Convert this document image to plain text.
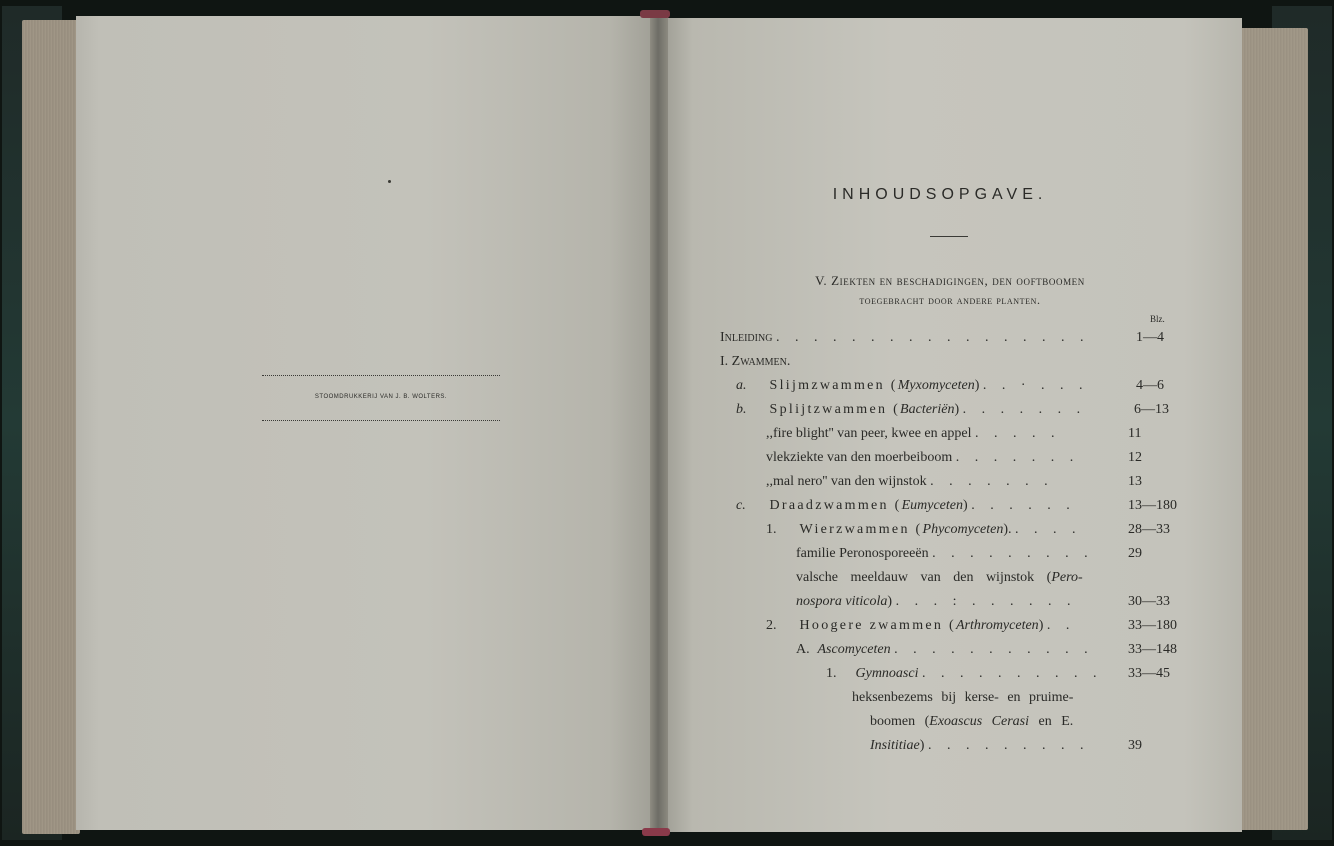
STOOMDRUKKERIJ VAN J. B. WOLTERS.
INHOUDSOPGAVE.
V. Ziekten en beschadigingen, den ooftboomen
toegebracht door andere planten.
Blz.
Inleiding . . . . . . . . . . . . . . . . .	1—4
I. Zwammen.
a. Slijmzwammen (Myxomyceten) . . · . . .	4—6
b. Splijtzwammen (Bacteriën) . . . . . . .	6—13
,,fire blight'' van peer, kwee en appel . . . . .	11
vlekziekte van den moerbeiboom . . . . . . .	12
,,mal nero'' van den wijnstok . . . . . . .	13
c. Draadzwammen (Eumyceten) . . . . . .	13—180
1. Wierzwammen (Phycomyceten). . . . .	28—33
familie Peronosporeeën . . . . . . . . .	29
valsche meeldauw van den wijnstok (Pero-
nospora viticola) . . . : . . . . . .	30—33
2. Hoogere zwammen (Arthromyceten) . .	33—180
A. Ascomyceten . . . . . . . . . . .	33—148
1. Gymnoasci . . . . . . . . . .	33—45
heksenbezems bij kerse- en pruime-
boomen (Exoascus Cerasi en E.
Insititiae) . . . . . . . . .	39
